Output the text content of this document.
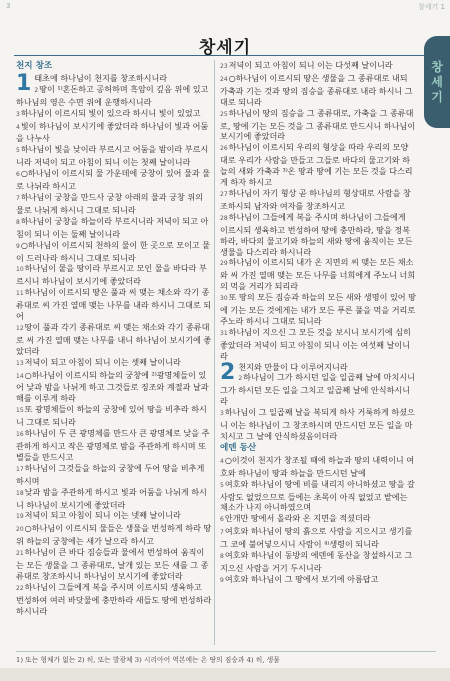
3	창세기 1
창세기
창
세
기
천지 창조
1 태초에 하나님이 천지를 창조하시니라

2땅이 ¹⁾혼돈하고 공허하며 흑암이 깊음 위에 있고 하나님의 영은 수면 위에 운행하시니라

3하나님이 이르시되 빛이 있으라 하시니 빛이 있었고

4빛이 하나님이 보시기에 좋았더라 하나님이 빛과 어둠을 나누사

5하나님이 빛을 낮이라 부르시고 어둠을 밤이라 부르시니라 저녁이 되고 아침이 되니 이는 첫째 날이니라

6○하나님이 이르시되 물 가운데에 궁창이 있어 물과 물로 나뉘라 하시고

7하나님이 궁창을 만드사 궁창 아래의 물과 궁창 위의 물로 나뉘게 하시니 그대로 되니라

8하나님이 궁창을 하늘이라 부르시니라 저녁이 되고 아침이 되니 이는 둘째 날이니라

9○하나님이 이르시되 천하의 물이 한 곳으로 모이고 뭍이 드러나라 하시니 그대로 되니라

10하나님이 뭍을 땅이라 부르시고 모인 물을 바다라 부르시니 하나님이 보시기에 좋았더라

11하나님이 이르시되 땅은 풀과 씨 맺는 채소와 각기 종류대로 씨 가진 열매 맺는 나무를 내라 하시니 그대로 되어

12땅이 풀과 각기 종류대로 씨 맺는 채소와 각기 종류대로 씨 가진 열매 맺는 나무를 내니 하나님이 보시기에 좋았더라

13저녁이 되고 아침이 되니 이는 셋째 날이니라

14○하나님이 이르시되 하늘의 궁창에 ²⁾광명체들이 있어 낮과 밤을 나뉘게 하고 그것들로 징조와 계절과 날과 해를 이루게 하라

15또 광명체들이 하늘의 궁창에 있어 땅을 비추라 하시니 그대로 되니라

16하나님이 두 큰 광명체를 만드사 큰 광명체로 낮을 주관하게 하시고 작은 광명체로 밤을 주관하게 하시며 또 별들을 만드시고

17하나님이 그것들을 하늘의 궁창에 두어 땅을 비추게 하시며

18낮과 밤을 주관하게 하시고 빛과 어둠을 나뉘게 하시니 하나님이 보시기에 좋았더라

19저녁이 되고 아침이 되니 이는 넷째 날이니라

20○하나님이 이르시되 물들은 생물을 번성하게 하라 땅 위 하늘의 궁창에는 새가 날으라 하시고

21하나님이 큰 바다 짐승들과 물에서 번성하여 움직이는 모든 생물을 그 종류대로, 날개 있는 모든 새를 그 종류대로 창조하시니 하나님이 보시기에 좋았더라

22하나님이 그들에게 복을 주시며 이르시되 생육하고 번성하여 여러 바닷물에 충만하라 새들도 땅에 번성하라 하시니라

23저녁이 되고 아침이 되니 이는 다섯째 날이니라

24○하나님이 이르시되 땅은 생물을 그 종류대로 내되 가축과 기는 것과 땅의 짐승을 종류대로 내라 하시니 그대로 되니라

25하나님이 땅의 짐승을 그 종류대로, 가축을 그 종류대로, 땅에 기는 모든 것을 그 종류대로 만드시니 하나님이 보시기에 좋았더라

26하나님이 이르시되 우리의 형상을 따라 우리의 모양대로 우리가 사람을 만들고 그들로 바다의 물고기와 하늘의 새와 가축과 ³⁾온 땅과 땅에 기는 모든 것을 다스리게 하자 하시고

27하나님이 자기 형상 곧 하나님의 형상대로 사람을 창조하시되 남자와 여자를 창조하시고

28하나님이 그들에게 복을 주시며 하나님이 그들에게 이르시되 생육하고 번성하여 땅에 충만하라, 땅을 정복하라, 바다의 물고기와 하늘의 새와 땅에 움직이는 모든 생물을 다스리라 하시니라

29하나님이 이르시되 내가 온 지면의 씨 맺는 모든 채소와 씨 가진 열매 맺는 모든 나무를 너희에게 주노니 너희의 먹을 거리가 되리라

30또 땅의 모든 짐승과 하늘의 모든 새와 생명이 있어 땅에 기는 모든 것에게는 내가 모든 푸른 풀을 먹을 거리로 주노라 하시니 그대로 되니라

31하나님이 지으신 그 모든 것을 보시니 보시기에 심히 좋았더라 저녁이 되고 아침이 되니 이는 여섯째 날이니라

2 천지와 만물이 다 이루어지니라

2하나님이 그가 하시던 일을 일곱째 날에 마치시니 그가 하시던 모든 일을 그치고 일곱째 날에 안식하시니라

3하나님이 그 일곱째 날을 복되게 하사 거룩하게 하셨으니 이는 하나님이 그 창조하시며 만드시던 모든 일을 마치시고 그 날에 안식하셨음이더라

에덴 동산

4○이것이 천지가 창조될 때에 하늘과 땅의 내력이니 여호와 하나님이 땅과 하늘을 만드시던 날에

5여호와 하나님이 땅에 비를 내리지 아니하셨고 땅을 갈 사람도 없었으므로 들에는 초목이 아직 없었고 밭에는 채소가 나지 아니하였으며

6안개만 땅에서 올라와 온 지면을 적셨더라

7여호와 하나님이 땅의 흙으로 사람을 지으시고 생기를 그 코에 불어넣으시니 사람이 ⁴⁾생령이 되니라

8여호와 하나님이 동방의 에덴에 동산을 창설하시고 그 지으신 사람을 거기 두시니라

9여호와 하나님이 그 땅에서 보기에 아름답고

1) 또는 형체가 없는 2) 히, 또는 발광체 3) 시리아어 역본에는 온 땅의 짐승과 4) 히, 생물
